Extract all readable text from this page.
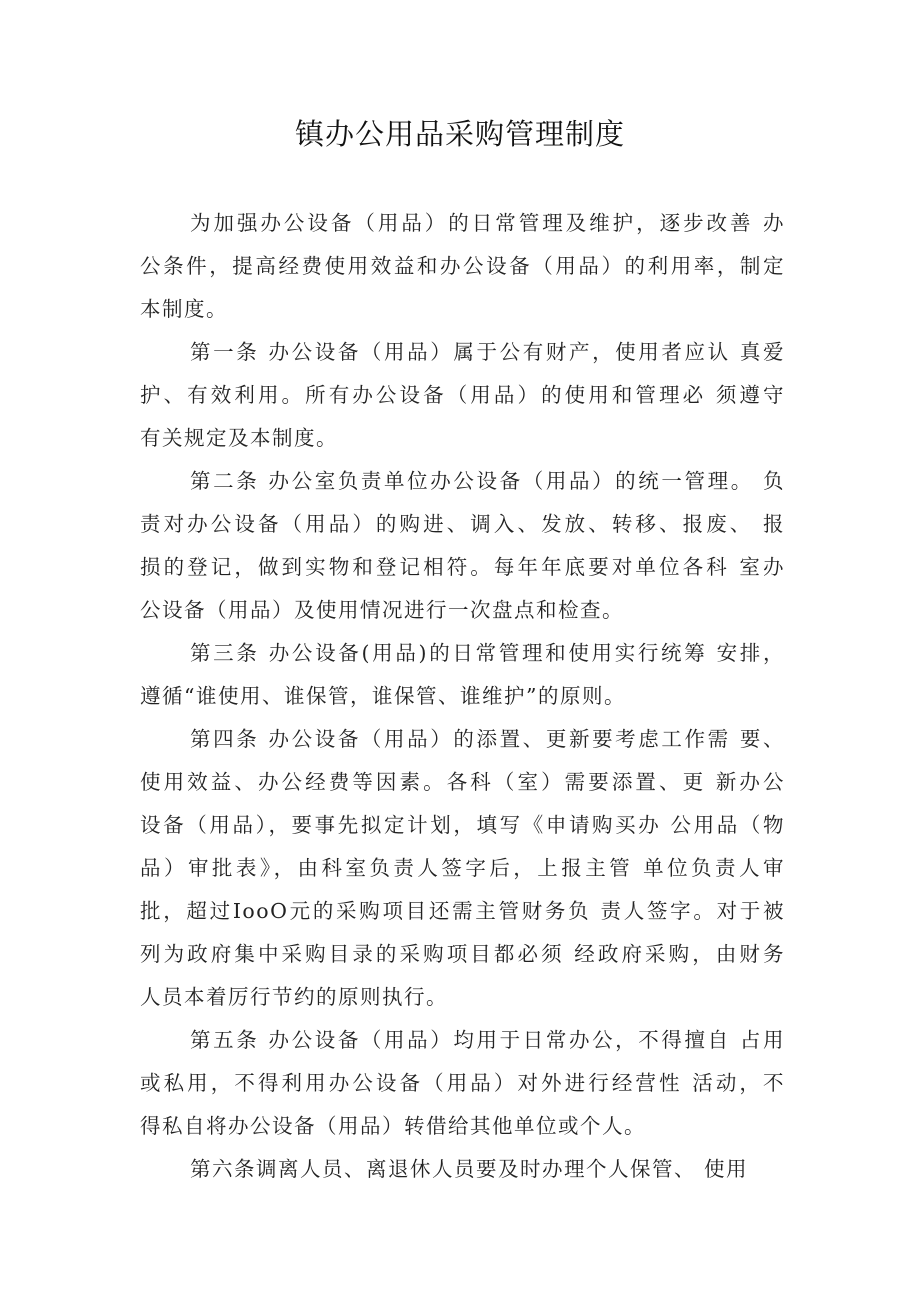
镇办公用品采购管理制度
为加强办公设备（用品）的日常管理及维护，逐步改善 办
公条件，提高经费使用效益和办公设备（用品）的利用率，制定
本制度。
第一条 办公设备（用品）属于公有财产，使用者应认 真爱
护、有效利用。所有办公设备（用品）的使用和管理必 须遵守
有关规定及本制度。
第二条 办公室负责单位办公设备（用品）的统一管理。 负
责对办公设备（用品）的购进、调入、发放、转移、报废、 报
损的登记，做到实物和登记相符。每年年底要对单位各科 室办
公设备（用品）及使用情况进行一次盘点和检查。
第三条 办公设备(用品)的日常管理和使用实行统筹 安排，
遵循“谁使用、谁保管，谁保管、谁维护”的原则。
第四条 办公设备（用品）的添置、更新要考虑工作需 要、
使用效益、办公经费等因素。各科（室）需要添置、更 新办公
设备（用品），要事先拟定计划，填写《申请购买办 公用品（物
品）审批表》，由科室负责人签字后，上报主管 单位负责人审
批，超过IooO元的采购项目还需主管财务负 责人签字。对于被
列为政府集中采购目录的采购项目都必须 经政府采购，由财务
人员本着厉行节约的原则执行。
第五条 办公设备（用品）均用于日常办公，不得擅自 占用
或私用，不得利用办公设备（用品）对外进行经营性 活动，不
得私自将办公设备（用品）转借给其他单位或个人。
第六条调离人员、离退休人员要及时办理个人保管、 使用
